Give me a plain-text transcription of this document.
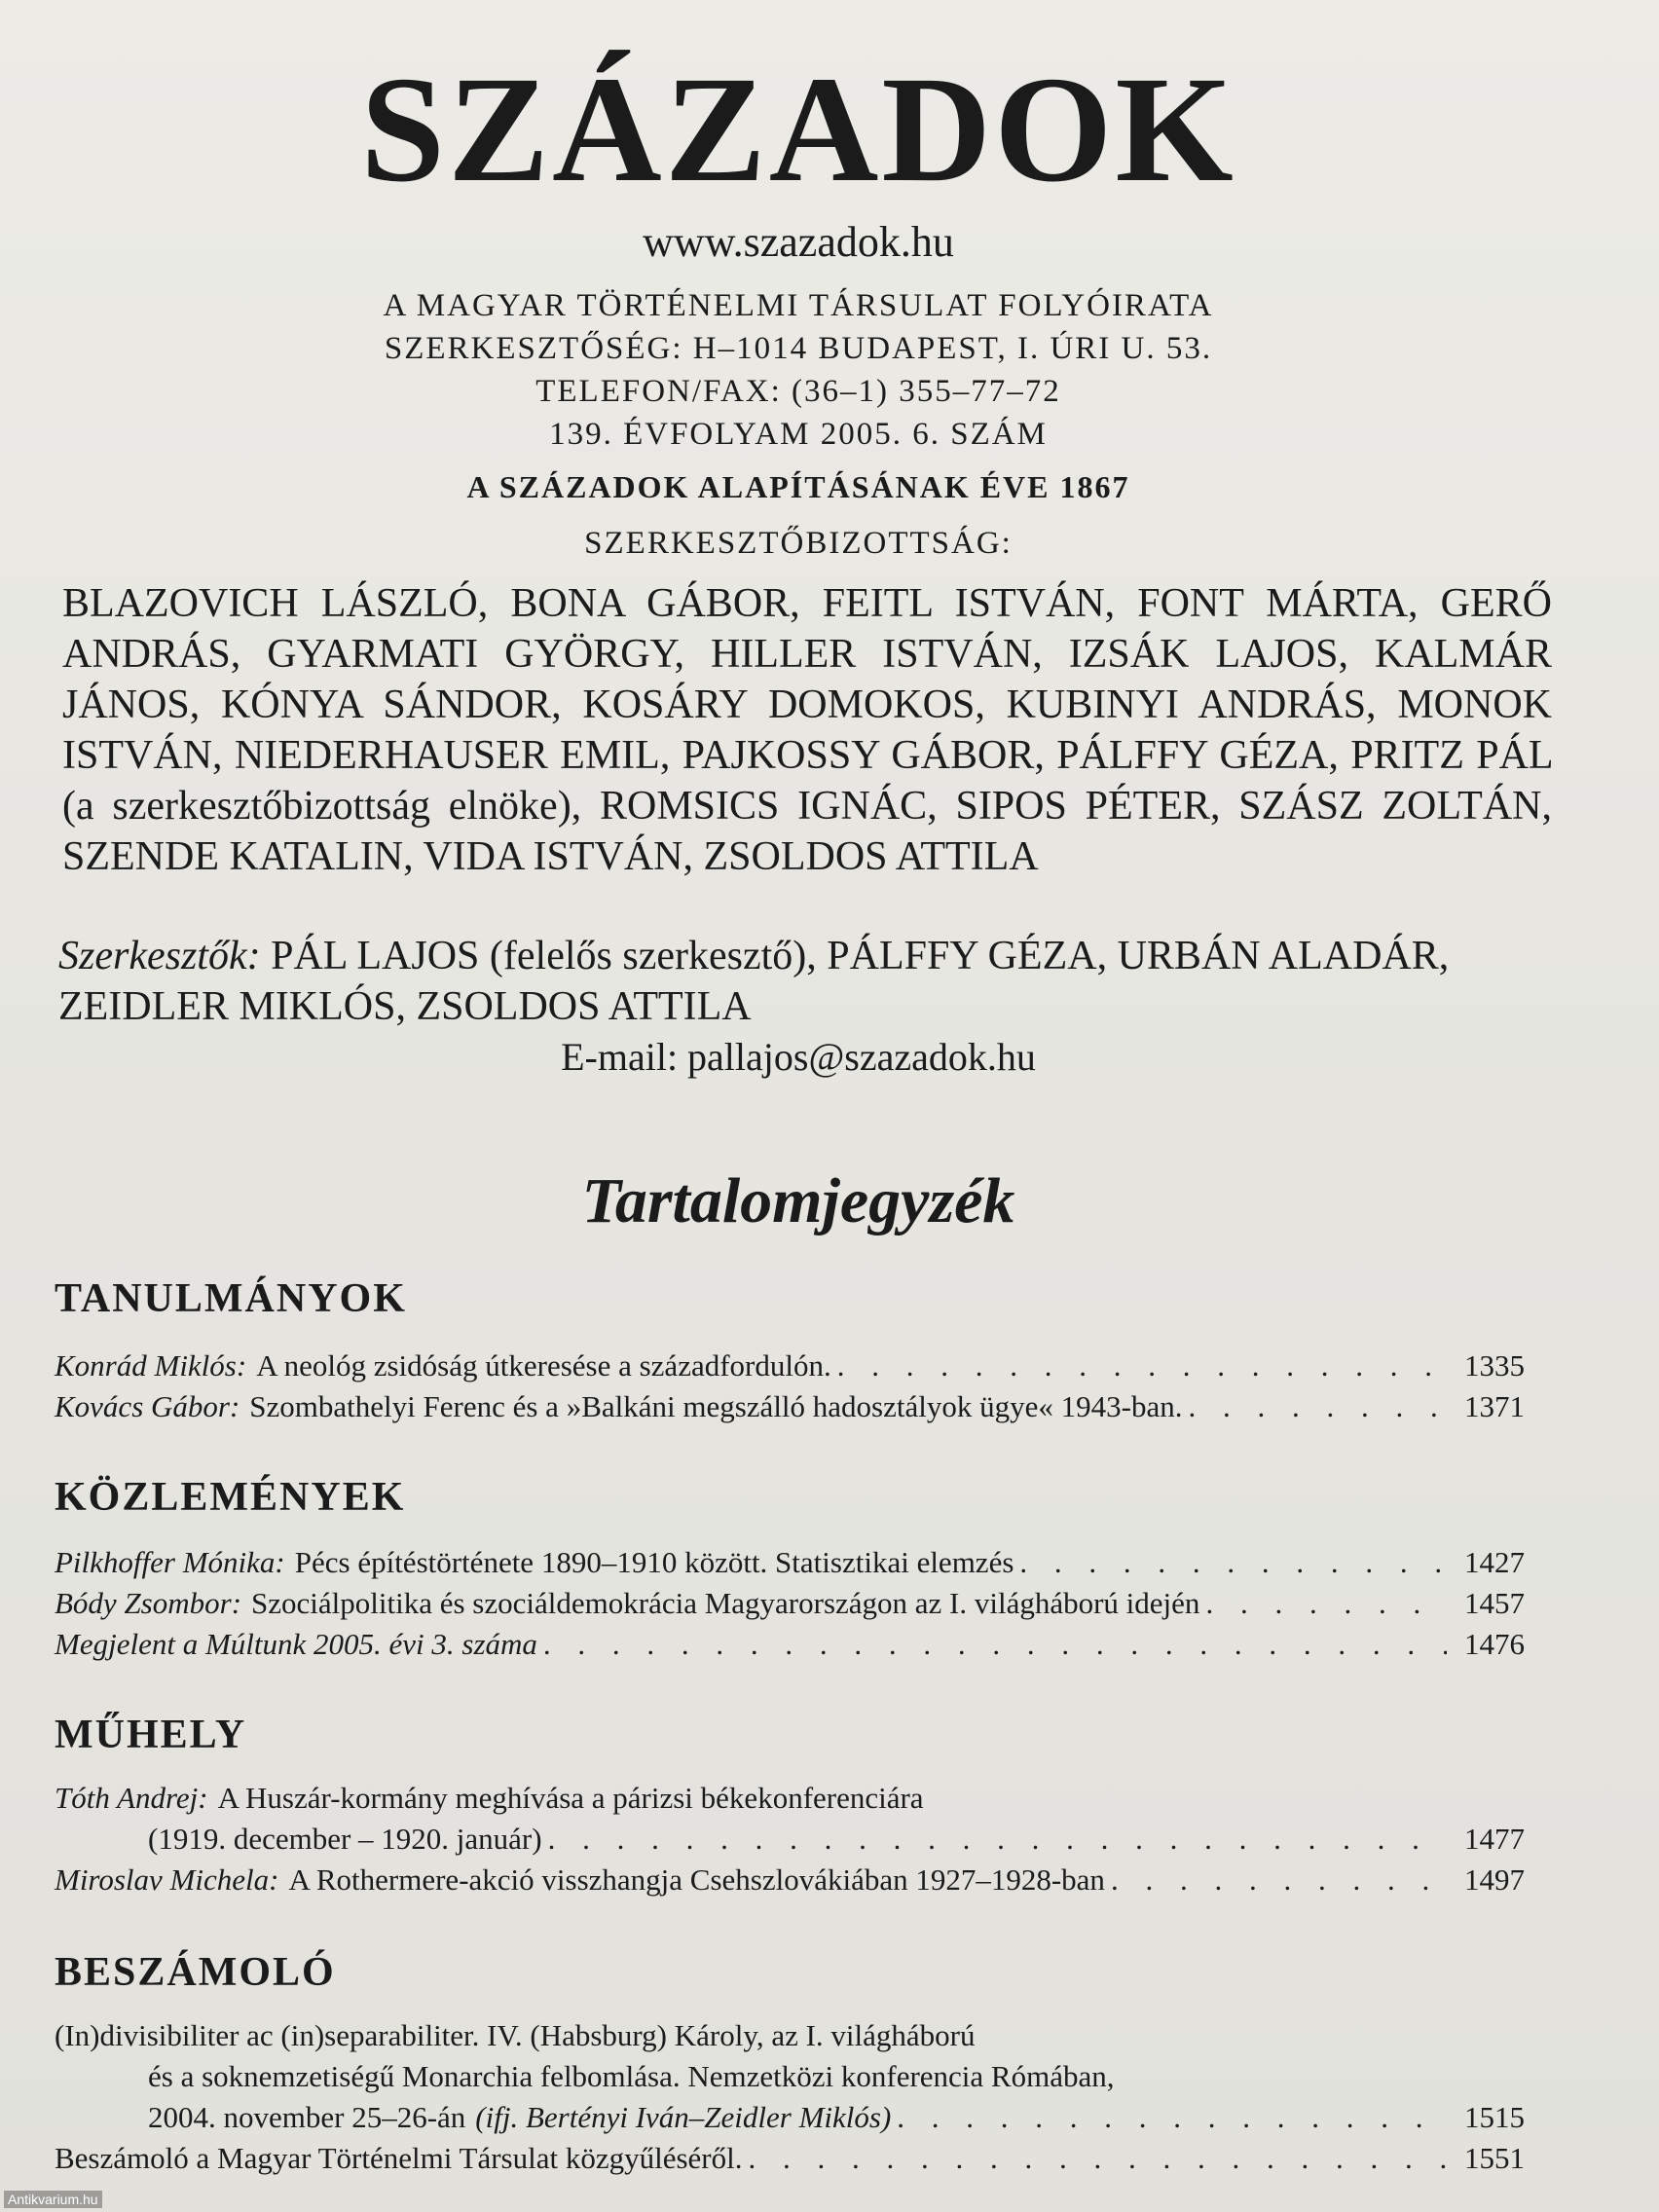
SZÁZADOK
www.szazadok.hu
A MAGYAR TÖRTÉNELMI TÁRSULAT FOLYÓIRATA
SZERKESZTŐSÉG: H–1014 BUDAPEST, I. ÚRI U. 53.
TELEFON/FAX: (36–1) 355–77–72
139. ÉVFOLYAM 2005. 6. SZÁM
A SZÁZADOK ALAPÍTÁSÁNAK ÉVE 1867
SZERKESZTŐBIZOTTSÁG:
BLAZOVICH LÁSZLÓ, BONA GÁBOR, FEITL ISTVÁN, FONT MÁRTA, GERŐ ANDRÁS, GYARMATI GYÖRGY, HILLER ISTVÁN, IZSÁK LAJOS, KALMÁR JÁNOS, KÓNYA SÁNDOR, KOSÁRY DOMOKOS, KUBINYI ANDRÁS, MONOK ISTVÁN, NIEDERHAUSER EMIL, PAJKOSSY GÁBOR, PÁLFFY GÉZA, PRITZ PÁL (a szerkesztőbizottság elnöke), ROMSICS IGNÁC, SIPOS PÉTER, SZÁSZ ZOLTÁN, SZENDE KATALIN, VIDA ISTVÁN, ZSOLDOS ATTILA
Szerkesztők: PÁL LAJOS (felelős szerkesztő), PÁLFFY GÉZA, URBÁN ALADÁR, ZEIDLER MIKLÓS, ZSOLDOS ATTILA
E-mail: pallajos@szazadok.hu
Tartalomjegyzék
TANULMÁNYOK
Konrád Miklós: A neológ zsidóság útkeresése a századfordulón. . . .	1335
Kovács Gábor: Szombathelyi Ferenc és a »Balkáni megszálló hadosztályok ügye« 1943-ban. . . .	1371
KÖZLEMÉNYEK
Pilkhoffer Mónika: Pécs építéstörténete 1890–1910 között. Statisztikai elemzés . . .	1427
Bódy Zsombor: Szociálpolitika és szociáldemokrácia Magyarországon az I. világháború idején . . .	1457
Megjelent a Múltunk 2005. évi 3. száma . . .	1476
MŰHELY
Tóth Andrej: A Huszár-kormány meghívása a párizsi békekonferenciára
(1919. december – 1920. január) . . .	1477
Miroslav Michela: A Rothermere-akció visszhangja Csehszlovákiában 1927–1928-ban . . .	1497
BESZÁMOLÓ
(In)divisibiliter ac (in)separabiliter. IV. (Habsburg) Károly, az I. világháború
és a soknemzetiségű Monarchia felbomlása. Nemzetközi konferencia Rómában,
2004. november 25–26-án (ifj. Bertényi Iván–Zeidler Miklós) . . .	1515
Beszámoló a Magyar Történelmi Társulat közgyűléséről. . . .	1551
Antikvarium.hu
